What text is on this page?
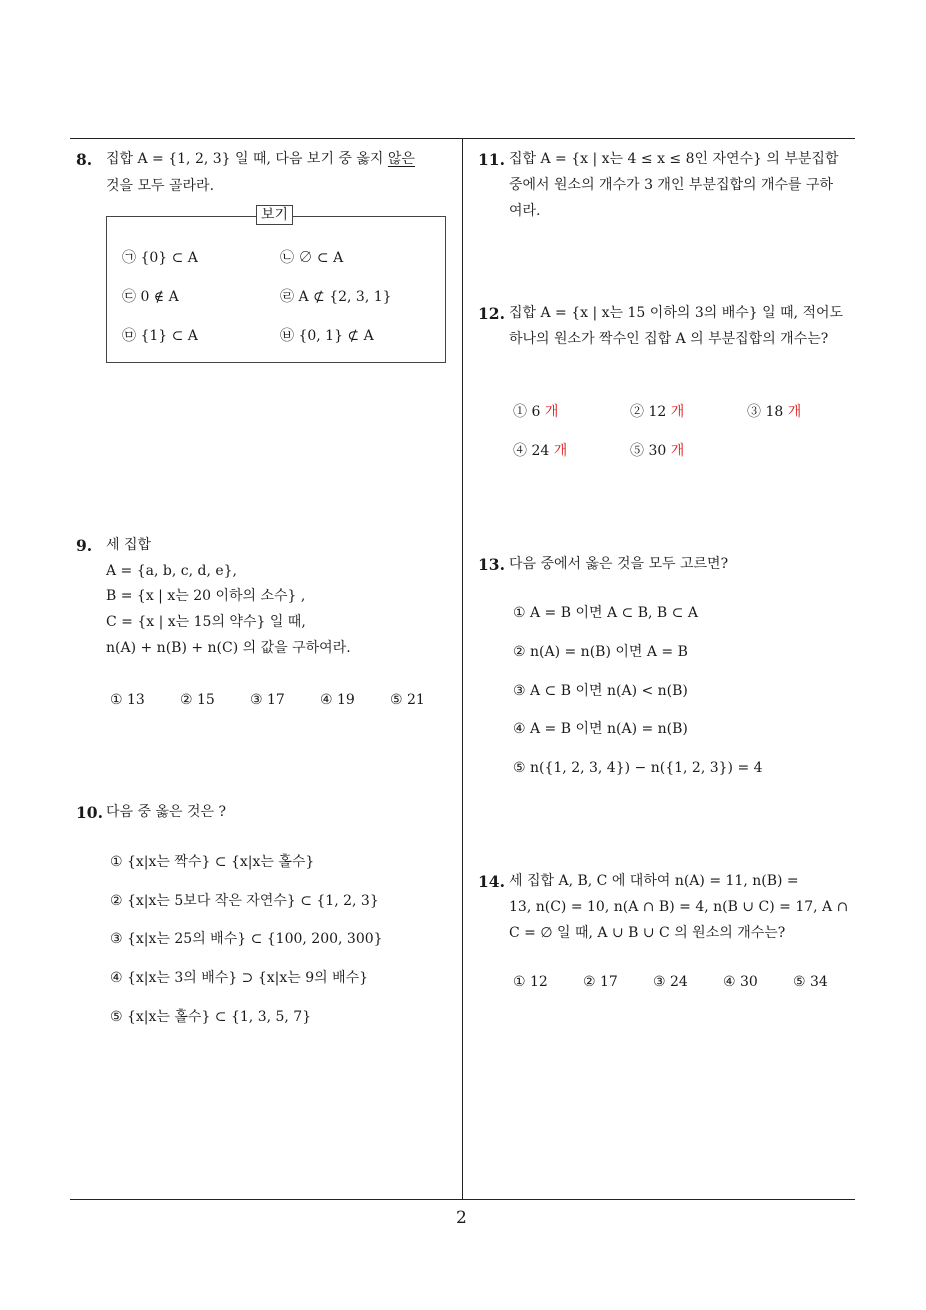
8. 집합 A = {1, 2, 3} 일 때, 다음 보기 중 옳지 않은
것을 모두 골라라.
보기
㉠ {0} ⊂ A	㉡ ∅ ⊂ A
㉢ 0 ∉ A	㉣ A ⊄ {2, 3, 1}
㉤ {1} ⊂ A	㉥ {0, 1} ⊄ A
9. 세 집합
A = {a, b, c, d, e},
B = {x | x는 20 이하의 소수} ,
C = {x | x는 15의 약수} 일 때,
n(A) + n(B) + n(C) 의 값을 구하여라.
① 13	② 15	③ 17	④ 19	⑤ 21
10. 다음 중 옳은 것은 ?
① {x|x는 짝수} ⊂ {x|x는 홀수}
② {x|x는 5보다 작은 자연수} ⊂ {1, 2, 3}
③ {x|x는 25의 배수} ⊂ {100, 200, 300}
④ {x|x는 3의 배수} ⊃ {x|x는 9의 배수}
⑤ {x|x는 홀수} ⊂ {1, 3, 5, 7}
11. 집합 A = {x | x는 4 ≤ x ≤ 8인 자연수} 의 부분집합
중에서 원소의 개수가 3 개인 부분집합의 개수를 구하
여라.
12. 집합 A = {x | x는 15 이하의 3의 배수} 일 때, 적어도
하나의 원소가 짝수인 집합 A 의 부분집합의 개수는?
① 6 개	② 12 개	③ 18 개
④ 24 개	⑤ 30 개
13. 다음 중에서 옳은 것을 모두 고르면?
① A = B 이면 A ⊂ B, B ⊂ A
② n(A) = n(B) 이면 A = B
③ A ⊂ B 이면 n(A) < n(B)
④ A = B 이면 n(A) = n(B)
⑤ n({1, 2, 3, 4}) − n({1, 2, 3}) = 4
14. 세 집합 A, B, C 에 대하여 n(A) = 11, n(B) =
13, n(C) = 10, n(A ∩ B) = 4, n(B ∪ C) = 17, A ∩
C = ∅ 일 때, A ∪ B ∪ C 의 원소의 개수는?
① 12	② 17	③ 24	④ 30	⑤ 34
2
